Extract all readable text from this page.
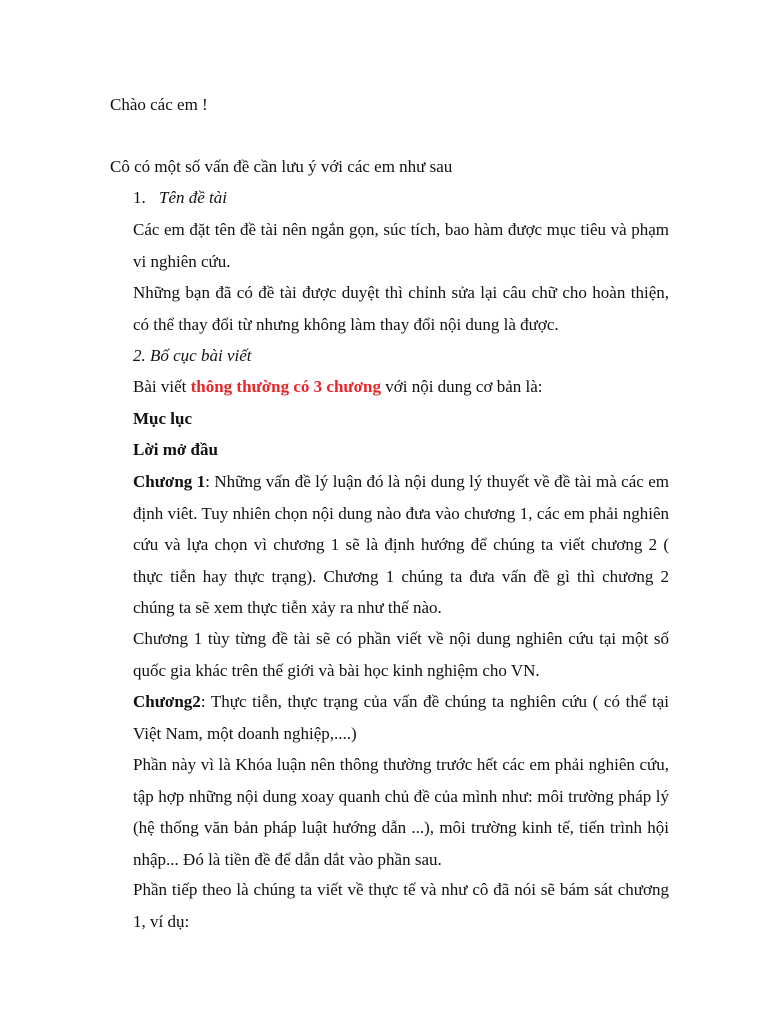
Chào các em !
Cô có một số vấn đề cần lưu ý với các em như sau
1. Tên đề tài
Các em đặt tên đề tài nên ngắn gọn, súc tích, bao hàm được mục tiêu và phạm vi nghiên cứu.
Những bạn đã có đề tài được duyệt thì chỉnh sửa lại câu chữ cho hoàn thiện, có thể thay đổi từ nhưng không làm thay đổi nội dung là được.
2. Bố cục bài viết
Bài viết thông thường có 3 chương với nội dung cơ bản là:
Mục lục
Lời mở đầu
Chương 1: Những vấn đề lý luận đó là nội dung lý thuyết về đề tài mà các em định viêt. Tuy nhiên chọn nội dung nào đưa vào chương 1, các em phải nghiên cứu và lựa chọn vì chương 1 sẽ là định hướng để chúng ta viết chương 2 ( thực tiễn hay thực trạng). Chương 1 chúng ta đưa vấn đề gì thì chương 2 chúng ta sẽ xem thực tiễn xảy ra như thế nào.
Chương 1 tùy từng đề tài sẽ có phần viết về nội dung nghiên cứu tại một số quốc gia khác trên thế giới và bài học kinh nghiệm cho VN.
Chương2: Thực tiễn, thực trạng của vấn đề chúng ta nghiên cứu ( có thể tại Việt Nam, một doanh nghiệp,....)
Phần này vì là Khóa luận nên thông thường trước hết các em phải nghiên cứu, tập hợp những nội dung xoay quanh chủ đề của mình như: môi trường pháp lý (hệ thống văn bản pháp luật hướng dẫn ...), môi trường kinh tế, tiến trình hội nhập... Đó là tiền đề để dẫn dắt vào phần sau.
Phần tiếp theo là chúng ta viết về thực tế và như cô đã nói sẽ bám sát chương 1, ví dụ:
